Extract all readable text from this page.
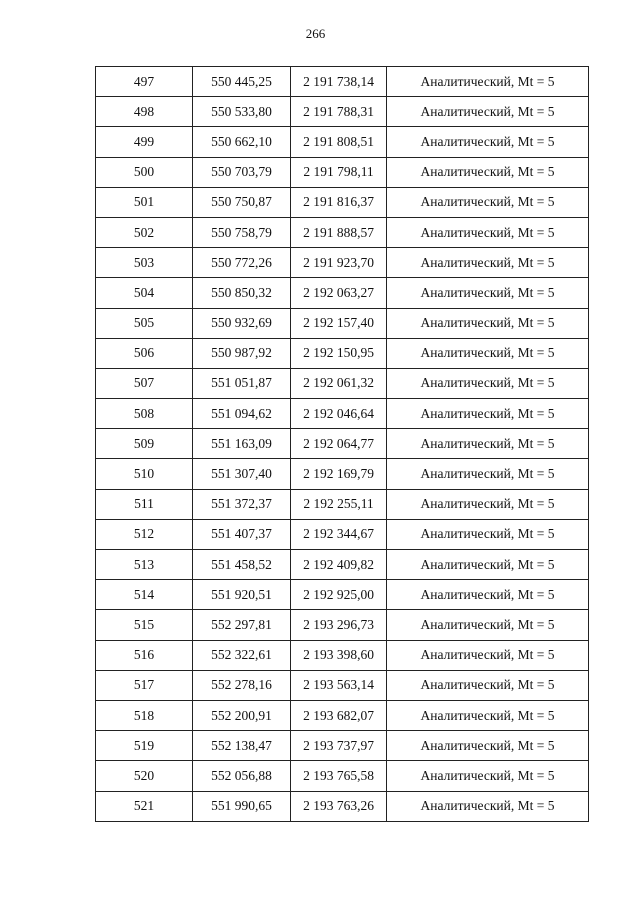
266
497	550 445,25	2 191 738,14	Аналитический, Mt = 5
498	550 533,80	2 191 788,31	Аналитический, Mt = 5
499	550 662,10	2 191 808,51	Аналитический, Mt = 5
500	550 703,79	2 191 798,11	Аналитический, Mt = 5
501	550 750,87	2 191 816,37	Аналитический, Mt = 5
502	550 758,79	2 191 888,57	Аналитический, Mt = 5
503	550 772,26	2 191 923,70	Аналитический, Mt = 5
504	550 850,32	2 192 063,27	Аналитический, Mt = 5
505	550 932,69	2 192 157,40	Аналитический, Mt = 5
506	550 987,92	2 192 150,95	Аналитический, Mt = 5
507	551 051,87	2 192 061,32	Аналитический, Mt = 5
508	551 094,62	2 192 046,64	Аналитический, Mt = 5
509	551 163,09	2 192 064,77	Аналитический, Mt = 5
510	551 307,40	2 192 169,79	Аналитический, Mt = 5
511	551 372,37	2 192 255,11	Аналитический, Mt = 5
512	551 407,37	2 192 344,67	Аналитический, Mt = 5
513	551 458,52	2 192 409,82	Аналитический, Mt = 5
514	551 920,51	2 192 925,00	Аналитический, Mt = 5
515	552 297,81	2 193 296,73	Аналитический, Mt = 5
516	552 322,61	2 193 398,60	Аналитический, Mt = 5
517	552 278,16	2 193 563,14	Аналитический, Mt = 5
518	552 200,91	2 193 682,07	Аналитический, Mt = 5
519	552 138,47	2 193 737,97	Аналитический, Mt = 5
520	552 056,88	2 193 765,58	Аналитический, Mt = 5
521	551 990,65	2 193 763,26	Аналитический, Mt = 5
